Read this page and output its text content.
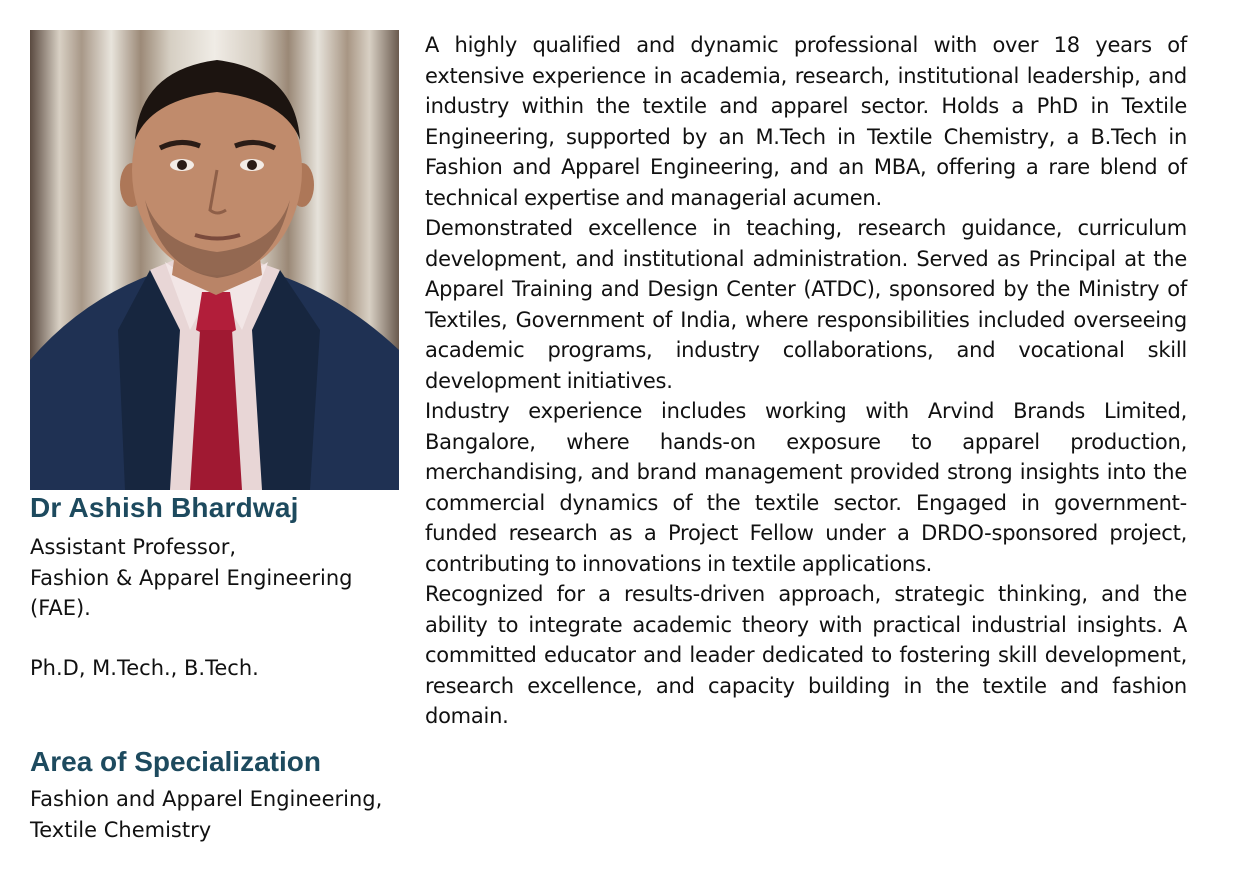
Dr Ashish Bhardwaj
Assistant Professor,
Fashion & Apparel Engineering
(FAE).
Ph.D, M.Tech., B.Tech.
Area of Specialization
Fashion and Apparel Engineering,
Textile Chemistry

A highly qualified and dynamic professional with over 18 years of extensive experience in academia, research, institutional leadership, and industry within the textile and apparel sector. Holds a PhD in Textile Engineering, supported by an M.Tech in Textile Chemistry, a B.Tech in Fashion and Apparel Engineering, and an MBA, offering a rare blend of technical expertise and managerial acumen.

Demonstrated excellence in teaching, research guidance, curriculum development, and institutional administration. Served as Principal at the Apparel Training and Design Center (ATDC), sponsored by the Ministry of Textiles, Government of India, where responsibilities included overseeing academic programs, industry collaborations, and vocational skill development initiatives.

Industry experience includes working with Arvind Brands Limited, Bangalore, where hands-on exposure to apparel production, merchandising, and brand management provided strong insights into the commercial dynamics of the textile sector. Engaged in government-funded research as a Project Fellow under a DRDO-sponsored project, contributing to innovations in textile applications.

Recognized for a results-driven approach, strategic thinking, and the ability to integrate academic theory with practical industrial insights. A committed educator and leader dedicated to fostering skill development, research excellence, and capacity building in the textile and fashion domain.
